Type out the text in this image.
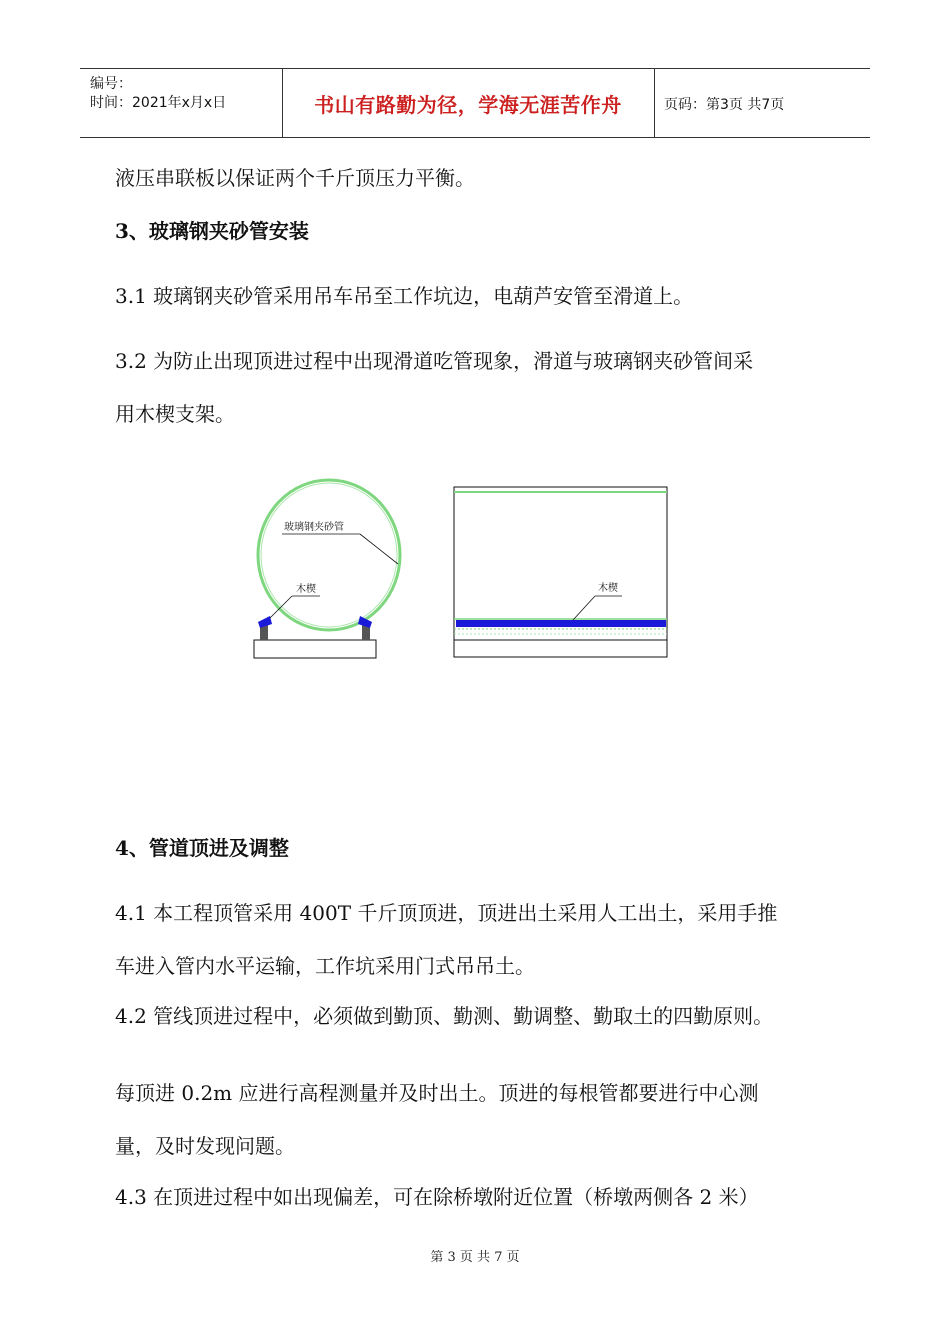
编号：
时间：2021年x月x日	书山有路勤为径，学海无涯苦作舟	页码：第3页 共7页
液压串联板以保证两个千斤顶压力平衡。
3、玻璃钢夹砂管安装
3.1 玻璃钢夹砂管采用吊车吊至工作坑边，电葫芦安管至滑道上。
3.2 为防止出现顶进过程中出现滑道吃管现象，滑道与玻璃钢夹砂管间采
用木楔支架。
玻璃钢夹砂管
木楔	木楔
4、管道顶进及调整
4.1 本工程顶管采用 400T 千斤顶顶进，顶进出土采用人工出土，采用手推
车进入管内水平运输，工作坑采用门式吊吊土。
4.2 管线顶进过程中，必须做到勤顶、勤测、勤调整、勤取土的四勤原则。
每顶进 0.2m 应进行高程测量并及时出土。顶进的每根管都要进行中心测
量，及时发现问题。
4.3 在顶进过程中如出现偏差，可在除桥墩附近位置（桥墩两侧各 2 米）
第 3 页 共 7 页
